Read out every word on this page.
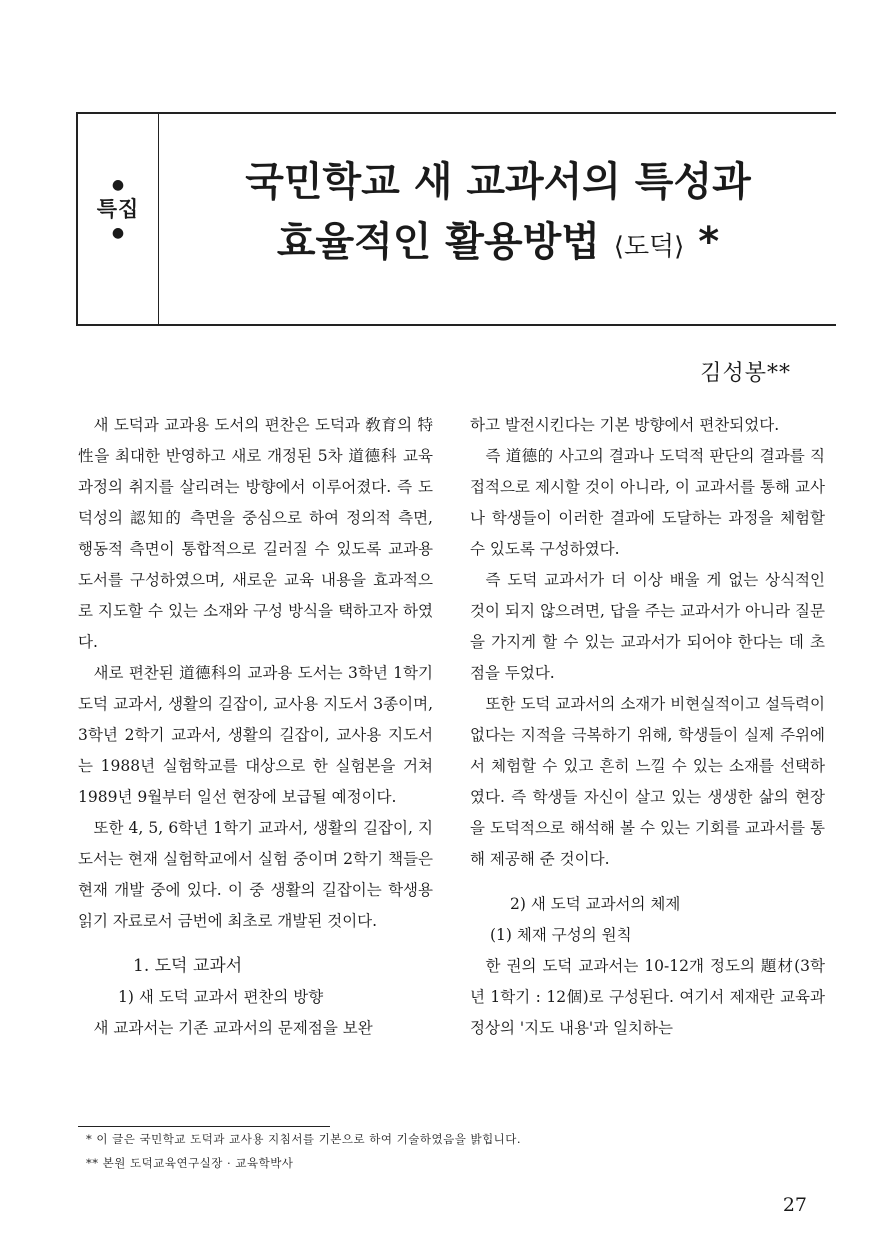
●
특집
●
국민학교 새 교과서의 특성과
효율적인 활용방법 ⟨도덕⟩ *
김성봉**

새 도덕과 교과용 도서의 편찬은 도덕과 敎育의 特性을 최대한 반영하고 새로 개정된 5차 道德科 교육과정의 취지를 살리려는 방향에서 이루어졌다. 즉 도덕성의 認知的 측면을 중심으로 하여 정의적 측면, 행동적 측면이 통합적으로 길러질 수 있도록 교과용 도서를 구성하였으며, 새로운 교육 내용을 효과적으로 지도할 수 있는 소재와 구성 방식을 택하고자 하였다.

새로 편찬된 道德科의 교과용 도서는 3학년 1학기 도덕 교과서, 생활의 길잡이, 교사용 지도서 3종이며, 3학년 2학기 교과서, 생활의 길잡이, 교사용 지도서는 1988년 실험학교를 대상으로 한 실험본을 거쳐 1989년 9월부터 일선 현장에 보급될 예정이다.

또한 4, 5, 6학년 1학기 교과서, 생활의 길잡이, 지도서는 현재 실험학교에서 실험 중이며 2학기 책들은 현재 개발 중에 있다. 이 중 생활의 길잡이는 학생용 읽기 자료로서 금번에 최초로 개발된 것이다.

1. 도덕 교과서

1) 새 도덕 교과서 편찬의 방향

새 교과서는 기존 교과서의 문제점을 보완

하고 발전시킨다는 기본 방향에서 편찬되었다.

즉 道德的 사고의 결과나 도덕적 판단의 결과를 직접적으로 제시할 것이 아니라, 이 교과서를 통해 교사나 학생들이 이러한 결과에 도달하는 과정을 체험할 수 있도록 구성하였다.

즉 도덕 교과서가 더 이상 배울 게 없는 상식적인 것이 되지 않으려면, 답을 주는 교과서가 아니라 질문을 가지게 할 수 있는 교과서가 되어야 한다는 데 초점을 두었다.

또한 도덕 교과서의 소재가 비현실적이고 설득력이 없다는 지적을 극복하기 위해, 학생들이 실제 주위에서 체험할 수 있고 흔히 느낄 수 있는 소재를 선택하였다. 즉 학생들 자신이 살고 있는 생생한 삶의 현장을 도덕적으로 해석해 볼 수 있는 기회를 교과서를 통해 제공해 준 것이다.

2) 새 도덕 교과서의 체제

(1) 체재 구성의 원칙

한 권의 도덕 교과서는 10-12개 정도의 題材(3학년 1학기 : 12個)로 구성된다. 여기서 제재란 교육과정상의 '지도 내용'과 일치하는

* 이 글은 국민학교 도덕과 교사용 지침서를 기본으로 하여 기술하였음을 밝힙니다.
** 본원 도덕교육연구실장 · 교육학박사
27
